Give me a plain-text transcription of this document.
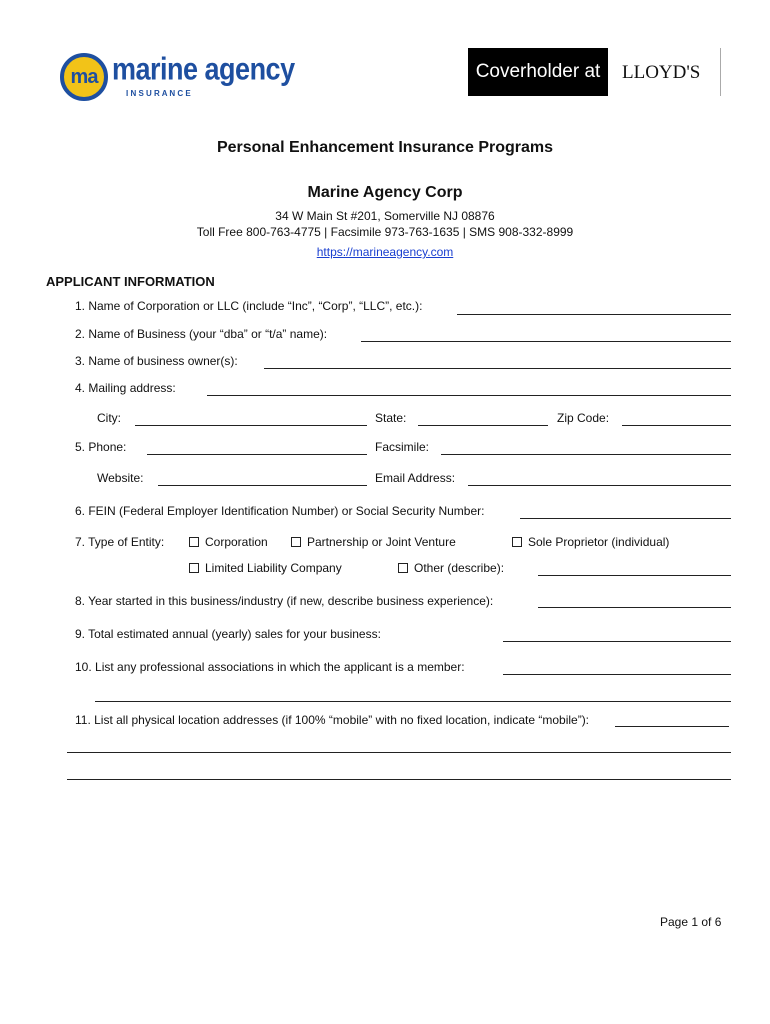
ma marine agency
I N S U R A N C E
Coverholder at	LLOYD'S
Personal Enhancement Insurance Programs
Marine Agency Corp
34 W Main St #201, Somerville NJ 08876
Toll Free 800-763-4775 | Facsimile 973-763-1635 | SMS 908-332-8999
https://marineagency.com
APPLICANT INFORMATION
1. Name of Corporation or LLC (include “Inc”, “Corp”, “LLC”, etc.):
2. Name of Business (your “dba” or “t/a” name):
3. Name of business owner(s):
4. Mailing address:
City:	State:	Zip Code:
5. Phone:	Facsimile:
Website:	Email Address:
6. FEIN (Federal Employer Identification Number) or Social Security Number:
7. Type of Entity:	Corporation	Partnership or Joint Venture	Sole Proprietor (individual)
Limited Liability Company	Other (describe):
8. Year started in this business/industry (if new, describe business experience):
9. Total estimated annual (yearly) sales for your business:
10. List any professional associations in which the applicant is a member:
11. List all physical location addresses (if 100% “mobile” with no fixed location, indicate “mobile”):
Page 1 of 6
